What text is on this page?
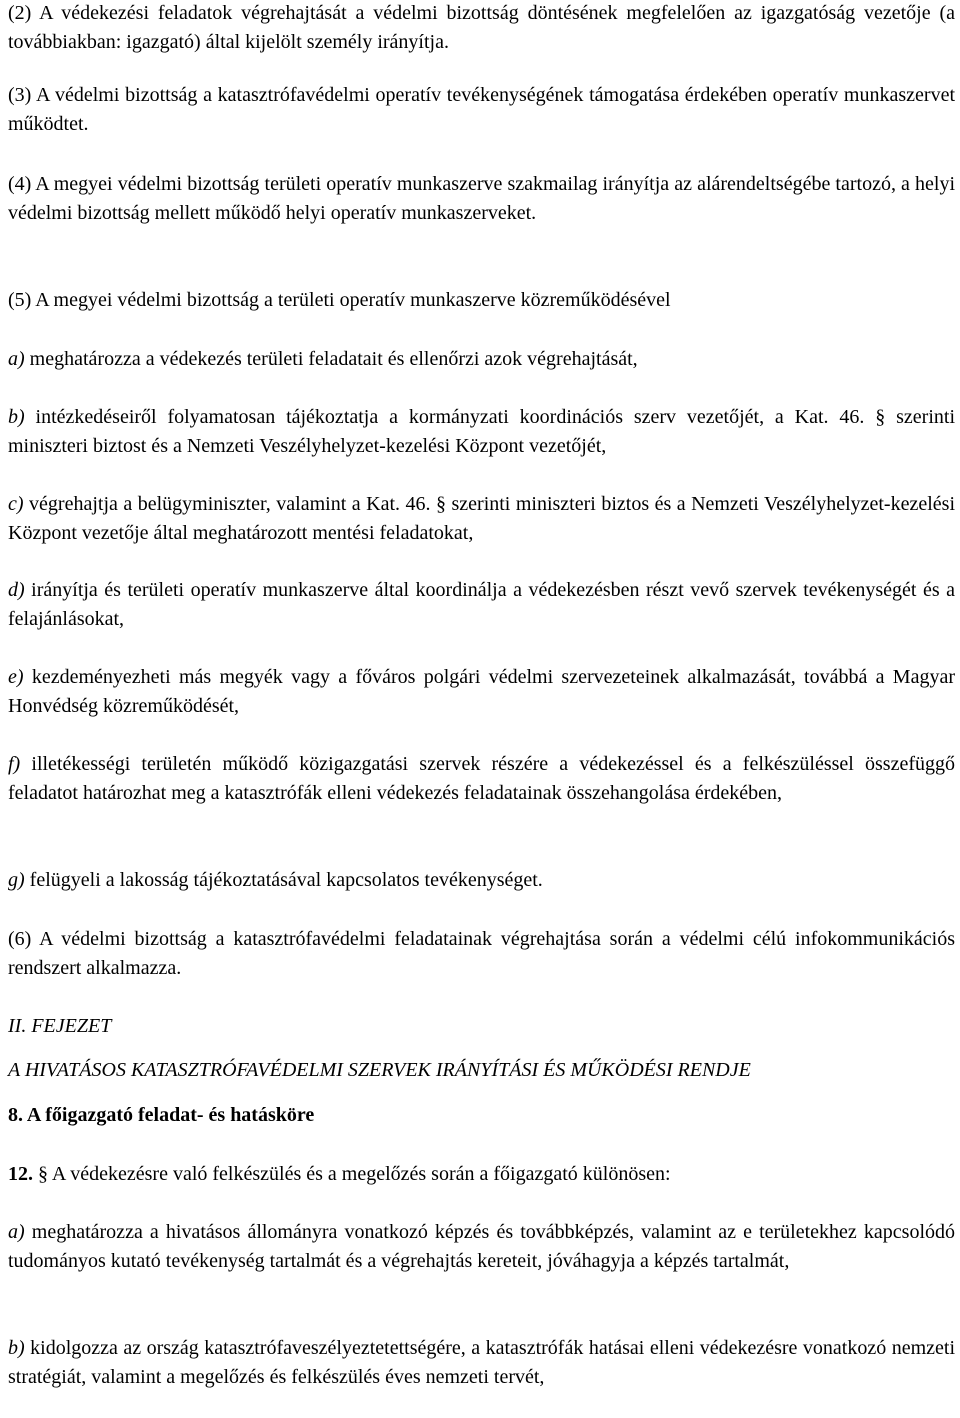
(2) A védekezési feladatok végrehajtását a védelmi bizottság döntésének megfelelően az igazgatóság vezetője (a továbbiakban: igazgató) által kijelölt személy irányítja.

(3) A védelmi bizottság a katasztrófavédelmi operatív tevékenységének támogatása érdekében operatív munkaszervet működtet.

(4) A megyei védelmi bizottság területi operatív munkaszerve szakmailag irányítja az alárendeltségébe tartozó, a helyi védelmi bizottság mellett működő helyi operatív munkaszerveket.

(5) A megyei védelmi bizottság a területi operatív munkaszerve közreműködésével

a) meghatározza a védekezés területi feladatait és ellenőrzi azok végrehajtását,

b) intézkedéseiről folyamatosan tájékoztatja a kormányzati koordinációs szerv vezetőjét, a Kat. 46. § szerinti miniszteri biztost és a Nemzeti Veszélyhelyzet-kezelési Központ vezetőjét,

c) végrehajtja a belügyminiszter, valamint a Kat. 46. § szerinti miniszteri biztos és a Nemzeti Veszélyhelyzet-kezelési Központ vezetője által meghatározott mentési feladatokat,

d) irányítja és területi operatív munkaszerve által koordinálja a védekezésben részt vevő szervek tevékenységét és a felajánlásokat,

e) kezdeményezheti más megyék vagy a főváros polgári védelmi szervezeteinek alkalmazását, továbbá a Magyar Honvédség közreműködését,

f) illetékességi területén működő közigazgatási szervek részére a védekezéssel és a felkészüléssel összefüggő feladatot határozhat meg a katasztrófák elleni védekezés feladatainak összehangolása érdekében,

g) felügyeli a lakosság tájékoztatásával kapcsolatos tevékenységet.

(6) A védelmi bizottság a katasztrófavédelmi feladatainak végrehajtása során a védelmi célú infokommunikációs rendszert alkalmazza.

II. FEJEZET

A HIVATÁSOS KATASZTRÓFAVÉDELMI SZERVEK IRÁNYÍTÁSI ÉS MŰKÖDÉSI RENDJE

8. A főigazgató feladat- és hatásköre

12. § A védekezésre való felkészülés és a megelőzés során a főigazgató különösen:

a) meghatározza a hivatásos állományra vonatkozó képzés és továbbképzés, valamint az e területekhez kapcsolódó tudományos kutató tevékenység tartalmát és a végrehajtás kereteit, jóváhagyja a képzés tartalmát,

b) kidolgozza az ország katasztrófaveszélyeztetettségére, a katasztrófák hatásai elleni védekezésre vonatkozó nemzeti stratégiát, valamint a megelőzés és felkészülés éves nemzeti tervét,
